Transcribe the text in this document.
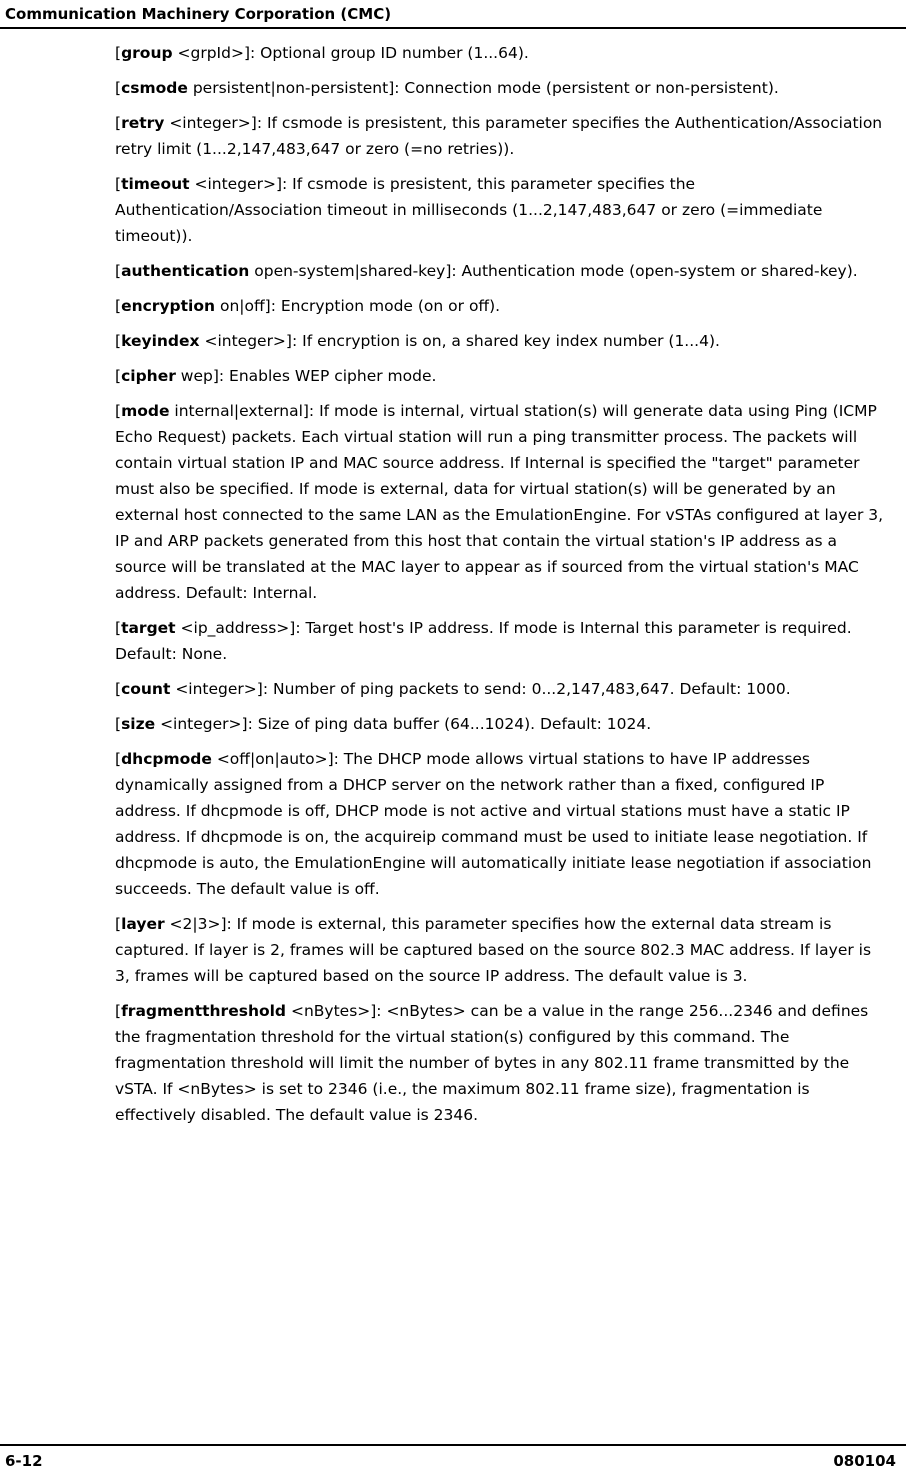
Communication Machinery Corporation (CMC)

[group <grpId>]: Optional group ID number (1...64).

[csmode persistent|non-persistent]: Connection mode (persistent or non-persistent).

[retry <integer>]: If csmode is presistent, this parameter specifies the Authentication/Association retry limit (1...2,147,483,647 or zero (=no retries)).

[timeout <integer>]: If csmode is presistent, this parameter specifies the Authentication/Association timeout in milliseconds (1...2,147,483,647 or zero (=immediate timeout)).

[authentication open-system|shared-key]: Authentication mode (open-system or shared-key).

[encryption on|off]: Encryption mode (on or off).

[keyindex <integer>]: If encryption is on, a shared key index number (1...4).

[cipher wep]: Enables WEP cipher mode.

[mode internal|external]: If mode is internal, virtual station(s) will generate data using Ping (ICMP Echo Request) packets. Each virtual station will run a ping transmitter process. The packets will contain virtual station IP and MAC source address. If Internal is specified the "target" parameter must also be specified. If mode is external, data for virtual station(s) will be generated by an external host connected to the same LAN as the EmulationEngine. For vSTAs configured at layer 3, IP and ARP packets generated from this host that contain the virtual station's IP address as a source will be translated at the MAC layer to appear as if sourced from the virtual station's MAC address. Default: Internal.

[target <ip_address>]: Target host's IP address. If mode is Internal this parameter is required. Default: None.

[count <integer>]: Number of ping packets to send: 0...2,147,483,647. Default: 1000.

[size <integer>]: Size of ping data buffer (64...1024). Default: 1024.

[dhcpmode <off|on|auto>]: The DHCP mode allows virtual stations to have IP addresses dynamically assigned from a DHCP server on the network rather than a fixed, configured IP address. If dhcpmode is off, DHCP mode is not active and virtual stations must have a static IP address. If dhcpmode is on, the acquireip command must be used to initiate lease negotiation. If dhcpmode is auto, the EmulationEngine will automatically initiate lease negotiation if association succeeds. The default value is off.

[layer <2|3>]: If mode is external, this parameter specifies how the external data stream is captured. If layer is 2, frames will be captured based on the source 802.3 MAC address. If layer is 3, frames will be captured based on the source IP address. The default value is 3.

[fragmentthreshold <nBytes>]: <nBytes> can be a value in the range 256...2346 and defines the fragmentation threshold for the virtual station(s) configured by this command. The fragmentation threshold will limit the number of bytes in any 802.11 frame transmitted by the vSTA. If <nBytes> is set to 2346 (i.e., the maximum 802.11 frame size), fragmentation is effectively disabled. The default value is 2346.

6-12	080104
